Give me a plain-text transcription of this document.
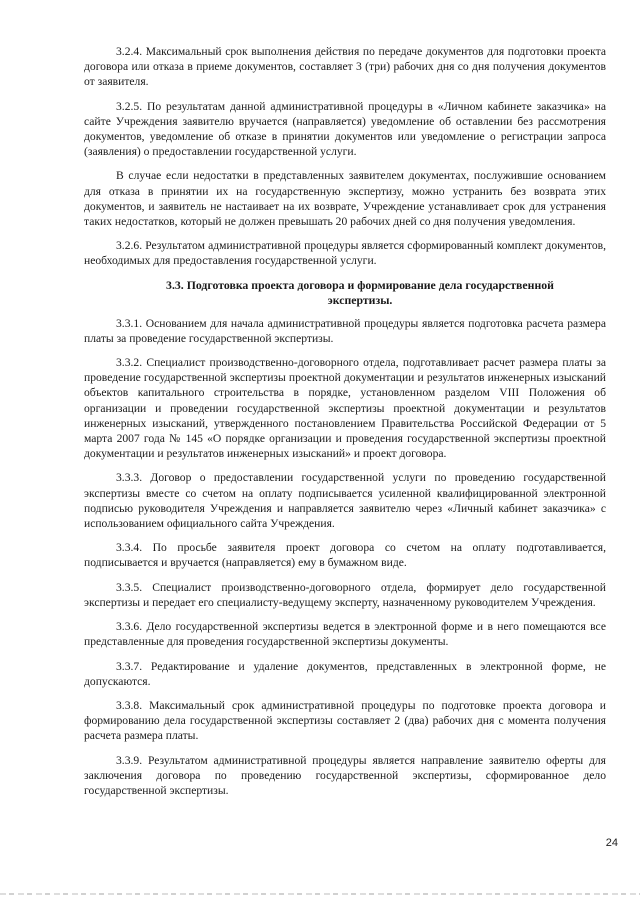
3.2.4. Максимальный срок выполнения действия по передаче документов для подготовки проекта договора или отказа в приеме документов, составляет 3 (три) рабочих дня со дня получения документов от заявителя.

3.2.5. По результатам данной административной процедуры в «Личном кабинете заказчика» на сайте Учреждения заявителю вручается (направляется) уведомление об оставлении без рассмотрения документов, уведомление об отказе в принятии документов или уведомление о регистрации запроса (заявления) о предоставлении государственной услуги.

В случае если недостатки в представленных заявителем документах, послужившие основанием для отказа в принятии их на государственную экспертизу, можно устранить без возврата этих документов, и заявитель не настаивает на их возврате, Учреждение устанавливает срок для устранения таких недостатков, который не должен превышать 20 рабочих дней со дня получения уведомления.

3.2.6. Результатом административной процедуры является сформированный комплект документов, необходимых для предоставления государственной услуги.

3.3. Подготовка проекта договора и формирование дела государственной экспертизы.

3.3.1. Основанием для начала административной процедуры является подготовка расчета размера платы за проведение государственной экспертизы.

3.3.2. Специалист производственно-договорного отдела, подготавливает расчет размера платы за проведение государственной экспертизы проектной документации и результатов инженерных изысканий объектов капитального строительства в порядке, установленном разделом VIII Положения об организации и проведении государственной экспертизы проектной документации и результатов инженерных изысканий, утвержденного постановлением Правительства Российской Федерации от 5 марта 2007 года № 145 «О порядке организации и проведения государственной экспертизы проектной документации и результатов инженерных изысканий» и проект договора.

3.3.3. Договор о предоставлении государственной услуги по проведению государственной экспертизы вместе со счетом на оплату подписывается усиленной квалифицированной электронной подписью руководителя Учреждения и направляется заявителю через «Личный кабинет заказчика» с использованием официального сайта Учреждения.

3.3.4. По просьбе заявителя проект договора со счетом на оплату подготавливается, подписывается и вручается (направляется) ему в бумажном виде.

3.3.5. Специалист производственно-договорного отдела, формирует дело государственной экспертизы и передает его специалисту-ведущему эксперту, назначенному руководителем Учреждения.

3.3.6. Дело государственной экспертизы ведется в электронной форме и в него помещаются все представленные для проведения государственной экспертизы документы.

3.3.7. Редактирование и удаление документов, представленных в электронной форме, не допускаются.

3.3.8. Максимальный срок административной процедуры по подготовке проекта договора и формированию дела государственной экспертизы составляет 2 (два) рабочих дня с момента получения расчета размера платы.

3.3.9. Результатом административной процедуры является направление заявителю оферты для заключения договора по проведению государственной экспертизы, сформированное дело государственной экспертизы.

24
